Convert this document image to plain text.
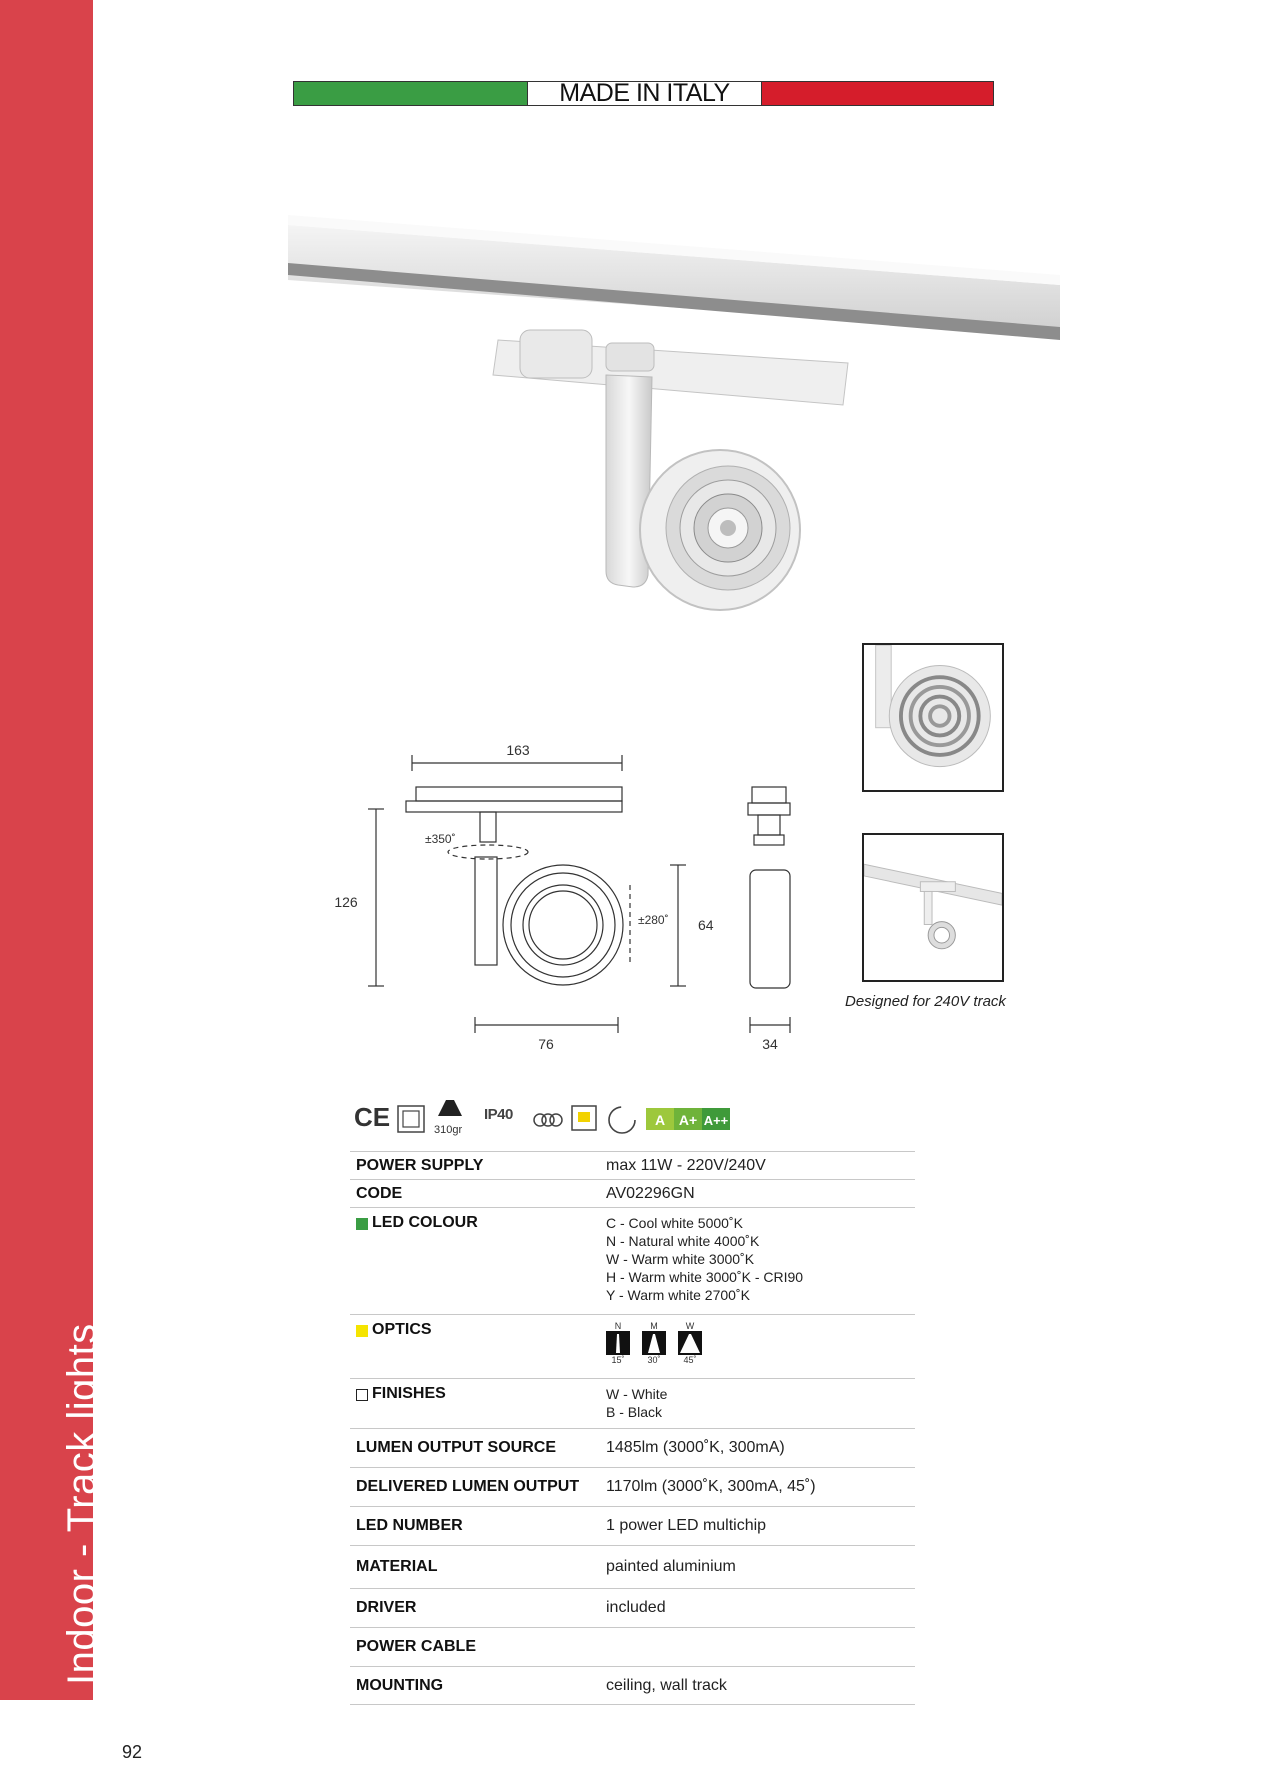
Indoor - Track lights
92
MADE IN ITALY
163
126
±350˚
±280˚ 64
76	34
Designed for 240V track
CE	A A+ A++
310gr
IP40
POWER SUPPLY	max 11W - 220V/240V
CODE	AV02296GN
LED COLOUR	C - Cool white 5000˚K
N - Natural white 4000˚K
W - Warm white 3000˚K
H - Warm white 3000˚K - CRI90
Y - Warm white 2700˚K
OPTICS	N
15˚
M
30˚
W
45˚
FINISHES	W - White
B - Black
LUMEN OUTPUT SOURCE	1485lm (3000˚K, 300mA)
DELIVERED LUMEN OUTPUT	1170lm (3000˚K, 300mA, 45˚)
LED NUMBER	1 power LED multichip
MATERIAL	painted aluminium
DRIVER	included
POWER CABLE
MOUNTING	ceiling, wall track
